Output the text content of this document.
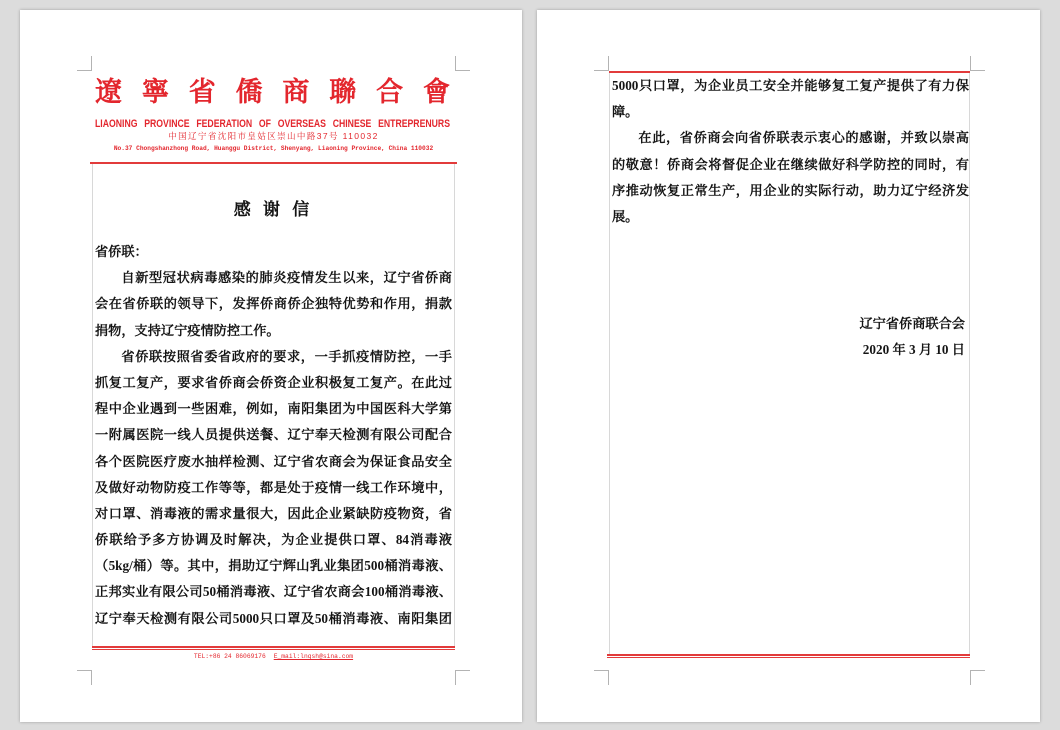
遼 寧 省 僑 商 聯 合 會
LIAONING PROVINCE FEDERATION OF OVERSEAS CHINESE ENTREPRENURS
中国辽宁省沈阳市皇姑区崇山中路37号 110032
No.37 Chongshanzhong Road, Huanggu District, Shenyang, Liaoning Province, China 110032
感 谢 信
省侨联：
自新型冠状病毒感染的肺炎疫情发生以来，辽宁省侨商
会在省侨联的领导下，发挥侨商侨企独特优势和作用，捐款
捐物，支持辽宁疫情防控工作。
省侨联按照省委省政府的要求，一手抓疫情防控，一手
抓复工复产，要求省侨商会侨资企业积极复工复产。在此过
程中企业遇到一些困难，例如，南阳集团为中国医科大学第
一附属医院一线人员提供送餐、辽宁奉天检测有限公司配合
各个医院医疗废水抽样检测、辽宁省农商会为保证食品安全
及做好动物防疫工作等等，都是处于疫情一线工作环境中，
对口罩、消毒液的需求量很大，因此企业紧缺防疫物资，省
侨联给予多方协调及时解决，为企业提供口罩、84消毒液
（5kg/桶）等。其中，捐助辽宁辉山乳业集团500桶消毒液、
正邦实业有限公司50桶消毒液、辽宁省农商会100桶消毒液、
辽宁奉天检测有限公司5000只口罩及50桶消毒液、南阳集团
TEL:+86 24 86069176 E_mail:lnqsh@sina.com
5000只口罩，为企业员工安全并能够复工复产提供了有力保
障。
在此，省侨商会向省侨联表示衷心的感谢，并致以崇高
的敬意！侨商会将督促企业在继续做好科学防控的同时，有
序推动恢复正常生产，用企业的实际行动，助力辽宁经济发
展。
辽宁省侨商联合会
2020 年 3 月 10 日
